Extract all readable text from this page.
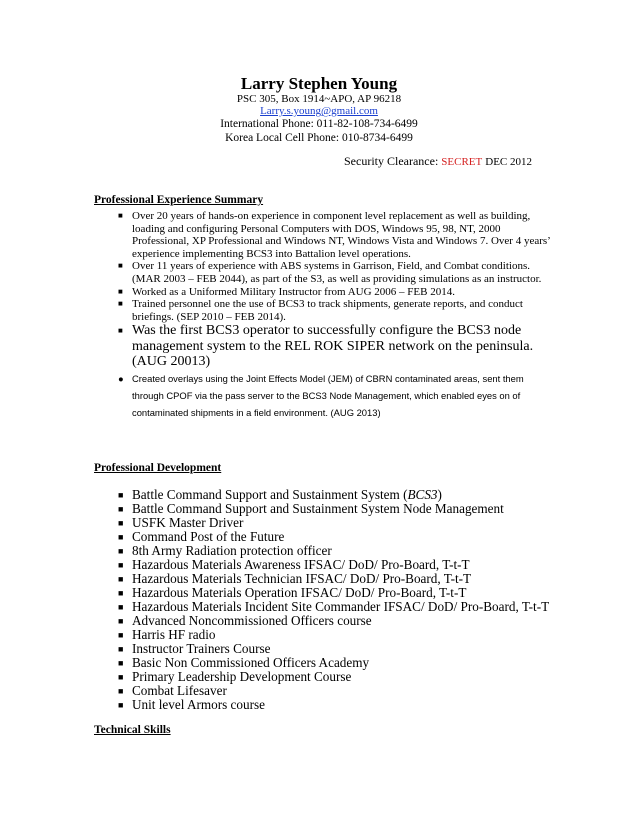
Larry Stephen Young
PSC 305, Box 1914~APO, AP 96218
Larry.s.young@gmail.com
International Phone: 011-82-108-734-6499
Korea Local Cell Phone: 010-8734-6499
Security Clearance: SECRET DEC 2012
Professional Experience Summary
■ Over 20 years of hands-on experience in component level replacement as well as building, loading and configuring Personal Computers with DOS, Windows 95, 98, NT, 2000 Professional, XP Professional and Windows NT, Windows Vista and Windows 7. Over 4 years’ experience implementing BCS3 into Battalion level operations.
■ Over 11 years of experience with ABS systems in Garrison, Field, and Combat conditions. (MAR 2003 – FEB 2044), as part of the S3, as well as providing simulations as an instructor.
■ Worked as a Uniformed Military Instructor from AUG 2006 – FEB 2014.
■ Trained personnel one the use of BCS3 to track shipments, generate reports, and conduct briefings. (SEP 2010 – FEB 2014).
■ Was the first BCS3 operator to successfully configure the BCS3 node management system to the REL ROK SIPER network on the peninsula. (AUG 20013)
● Created overlays using the Joint Effects Model (JEM) of CBRN contaminated areas, sent them through CPOF via the pass server to the BCS3 Node Management, which enabled eyes on of contaminated shipments in a field environment. (AUG 2013)
Professional Development
■ Battle Command Support and Sustainment System (BCS3)
■ Battle Command Support and Sustainment System Node Management
■ USFK Master Driver
■ Command Post of the Future
■ 8th Army Radiation protection officer
■ Hazardous Materials Awareness IFSAC/ DoD/ Pro-Board, T-t-T
■ Hazardous Materials Technician IFSAC/ DoD/ Pro-Board, T-t-T
■ Hazardous Materials Operation IFSAC/ DoD/ Pro-Board, T-t-T
■ Hazardous Materials Incident Site Commander IFSAC/ DoD/ Pro-Board, T-t-T
■ Advanced Noncommissioned Officers course
■ Harris HF radio
■ Instructor Trainers Course
■ Basic Non Commissioned Officers Academy
■ Primary Leadership Development Course
■ Combat Lifesaver
■ Unit level Armors course
Technical Skills
